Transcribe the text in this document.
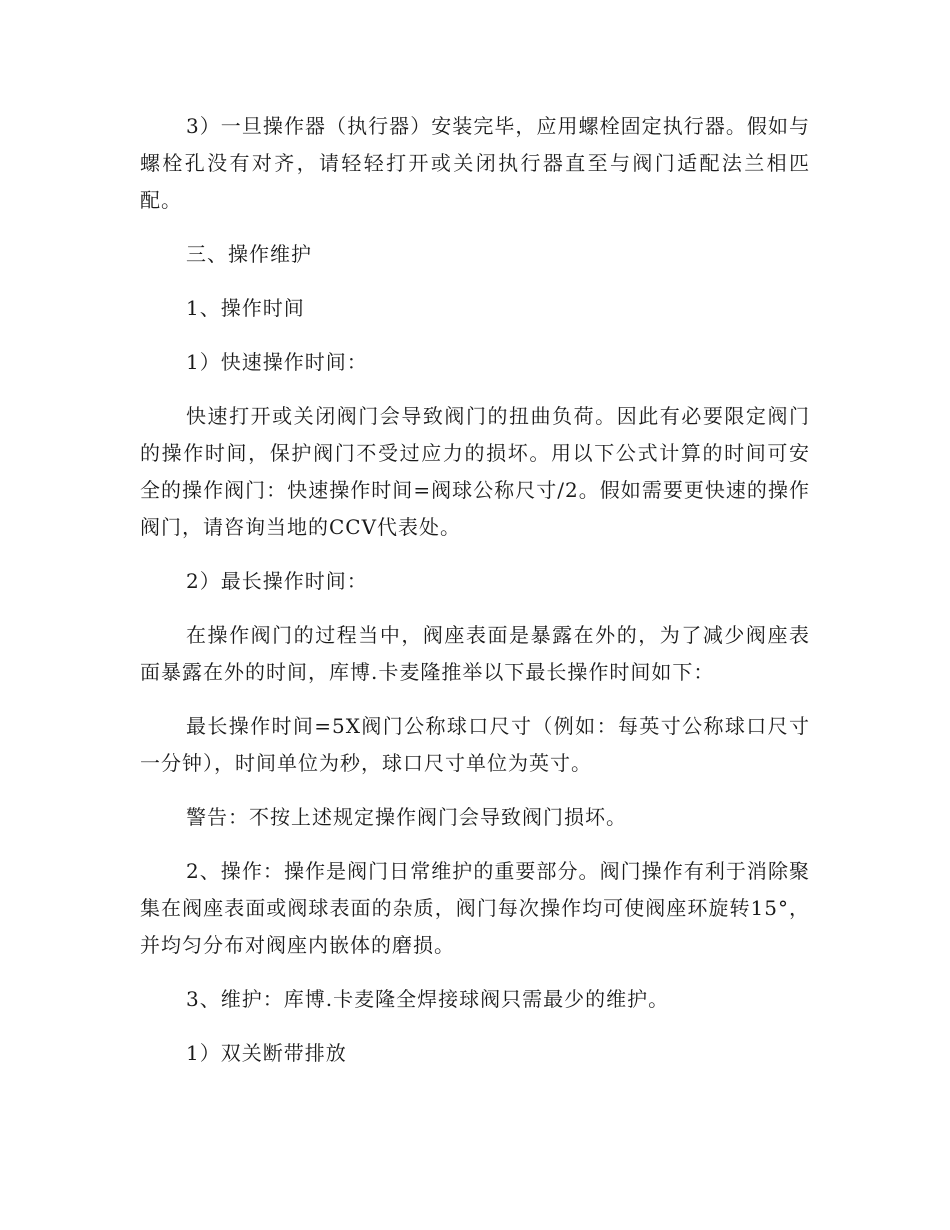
3）一旦操作器（执行器）安装完毕，应用螺栓固定执行器。假如与螺栓孔没有对齐，请轻轻打开或关闭执行器直至与阀门适配法兰相匹配。

三、操作维护

1、操作时间

1）快速操作时间：

快速打开或关闭阀门会导致阀门的扭曲负荷。因此有必要限定阀门的操作时间，保护阀门不受过应力的损坏。用以下公式计算的时间可安全的操作阀门：快速操作时间=阀球公称尺寸/2。假如需要更快速的操作阀门，请咨询当地的CCV代表处。

2）最长操作时间：

在操作阀门的过程当中，阀座表面是暴露在外的，为了减少阀座表面暴露在外的时间，库博.卡麦隆推举以下最长操作时间如下：

最长操作时间=5X阀门公称球口尺寸（例如：每英寸公称球口尺寸一分钟），时间单位为秒，球口尺寸单位为英寸。

警告：不按上述规定操作阀门会导致阀门损坏。

2、操作：操作是阀门日常维护的重要部分。阀门操作有利于消除聚集在阀座表面或阀球表面的杂质，阀门每次操作均可使阀座环旋转15°，并均匀分布对阀座内嵌体的磨损。

3、维护：库博.卡麦隆全焊接球阀只需最少的维护。

1）双关断带排放
